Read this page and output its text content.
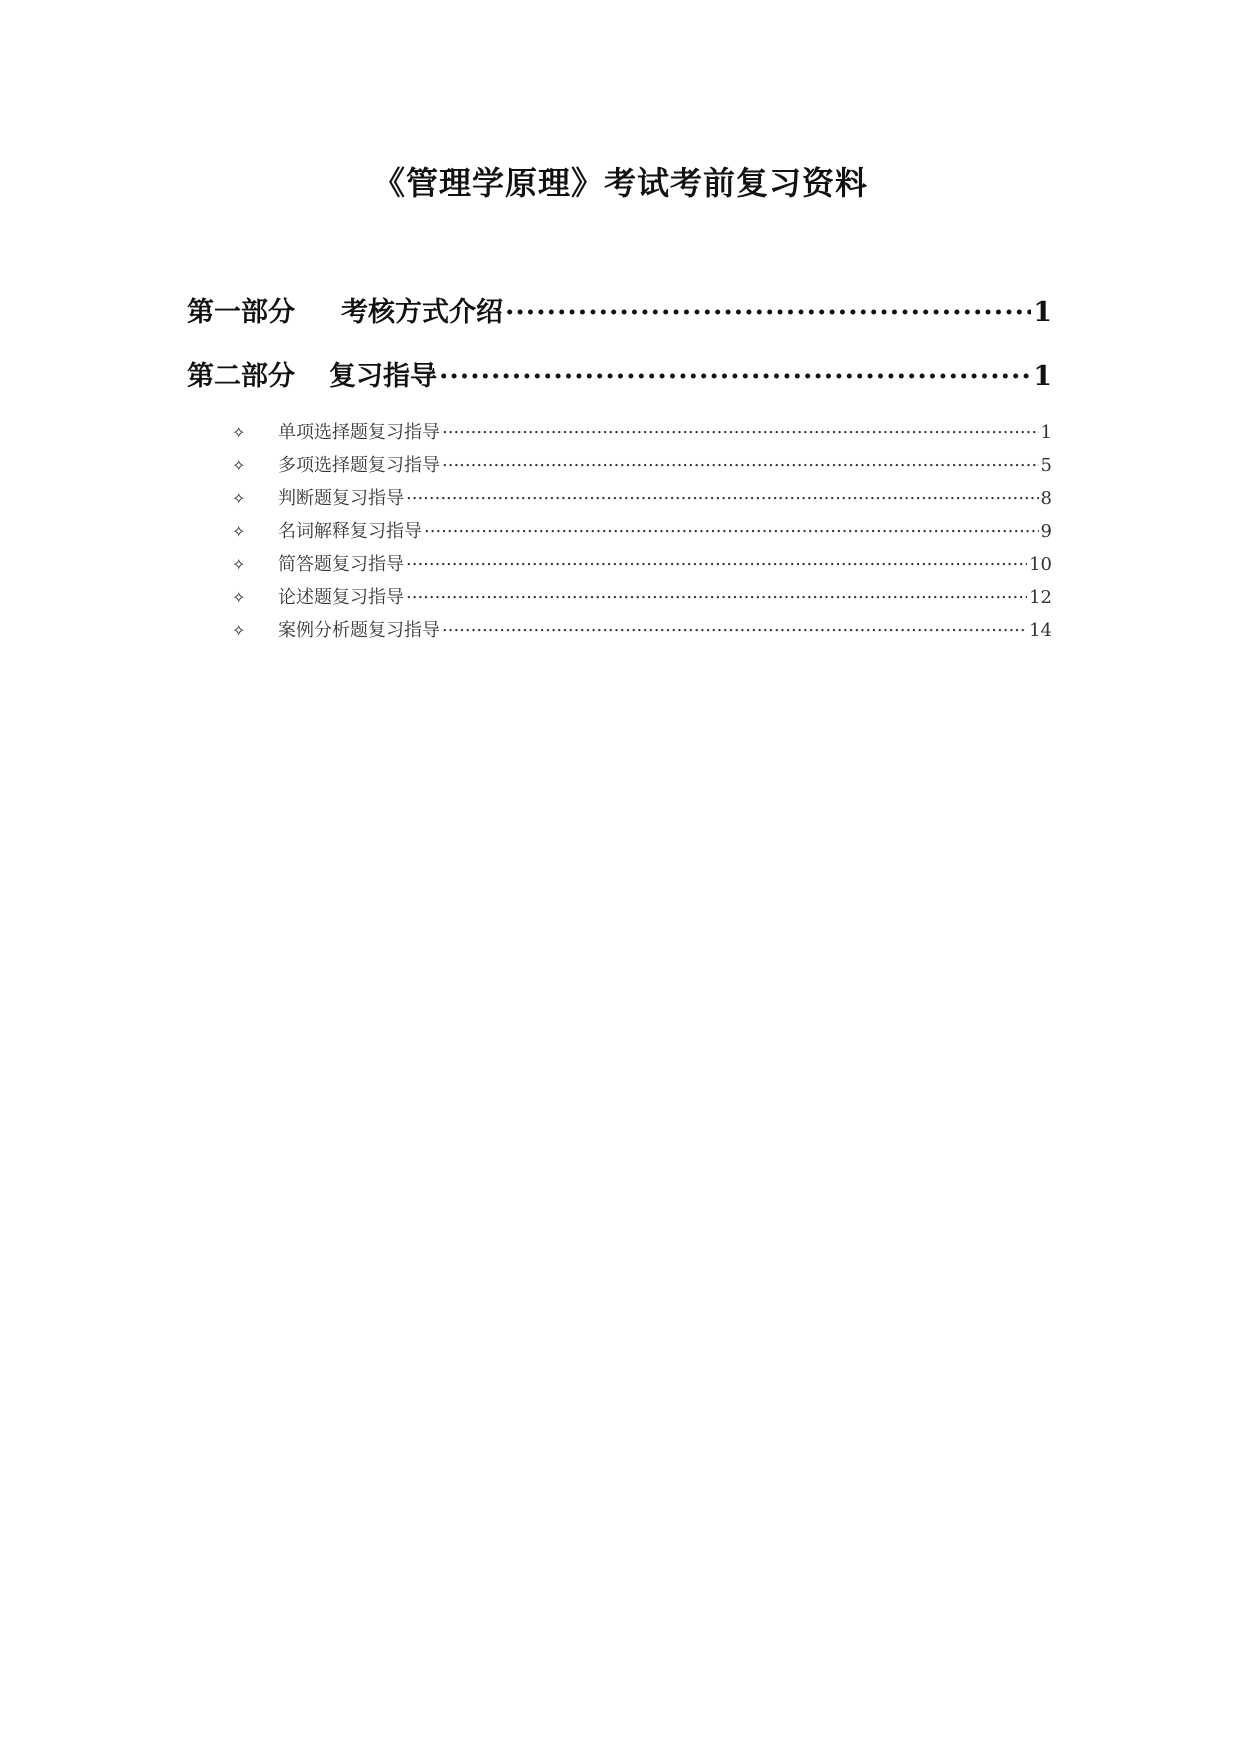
《管理学原理》考试考前复习资料
第一部分 考核方式介绍 .....	1
第二部分 复习指导 .....	1
✧	单项选择题复习指导 .....	1
✧	多项选择题复习指导 .....	5
✧	判断题复习指导 .....	8
✧	名词解释复习指导 .....	9
✧	简答题复习指导 .....	10
✧	论述题复习指导 .....	12
✧	案例分析题复习指导 .....	14
